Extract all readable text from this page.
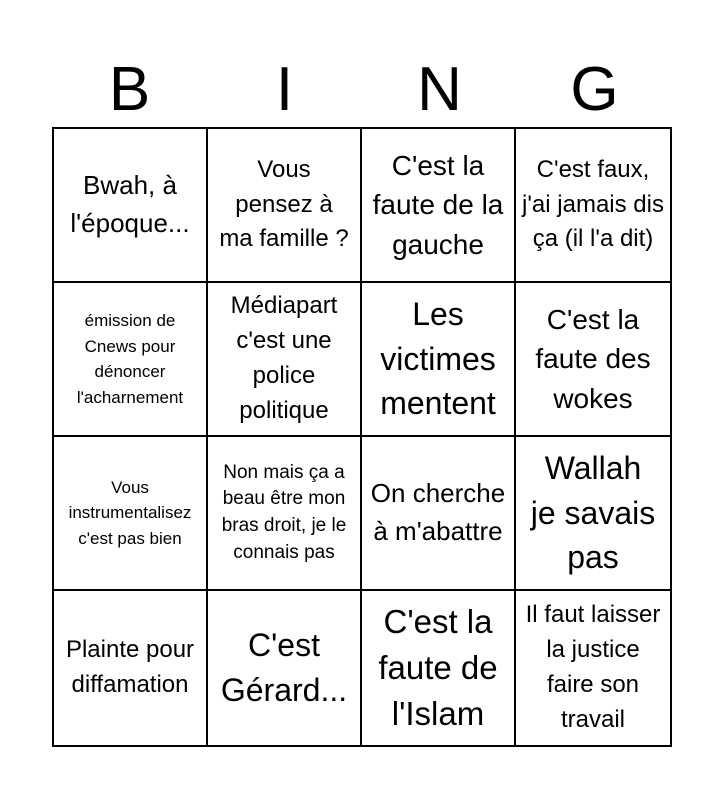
B	I	N	G
Bwah, à l'époque...
Vous pensez à ma famille ?
C'est la faute de la gauche
C'est faux, j'ai jamais dis ça (il l'a dit)
émission de Cnews pour dénoncer l'acharnement
Médiapart c'est une police politique
Les victimes mentent
C'est la faute des wokes
Vous instrumentalisez c'est pas bien
Non mais ça a beau être mon bras droit, je le connais pas
On cherche à m'abattre
Wallah je savais pas
Plainte pour diffamation
C'est Gérard...
C'est la faute de l'Islam
Il faut laisser la justice faire son travail
